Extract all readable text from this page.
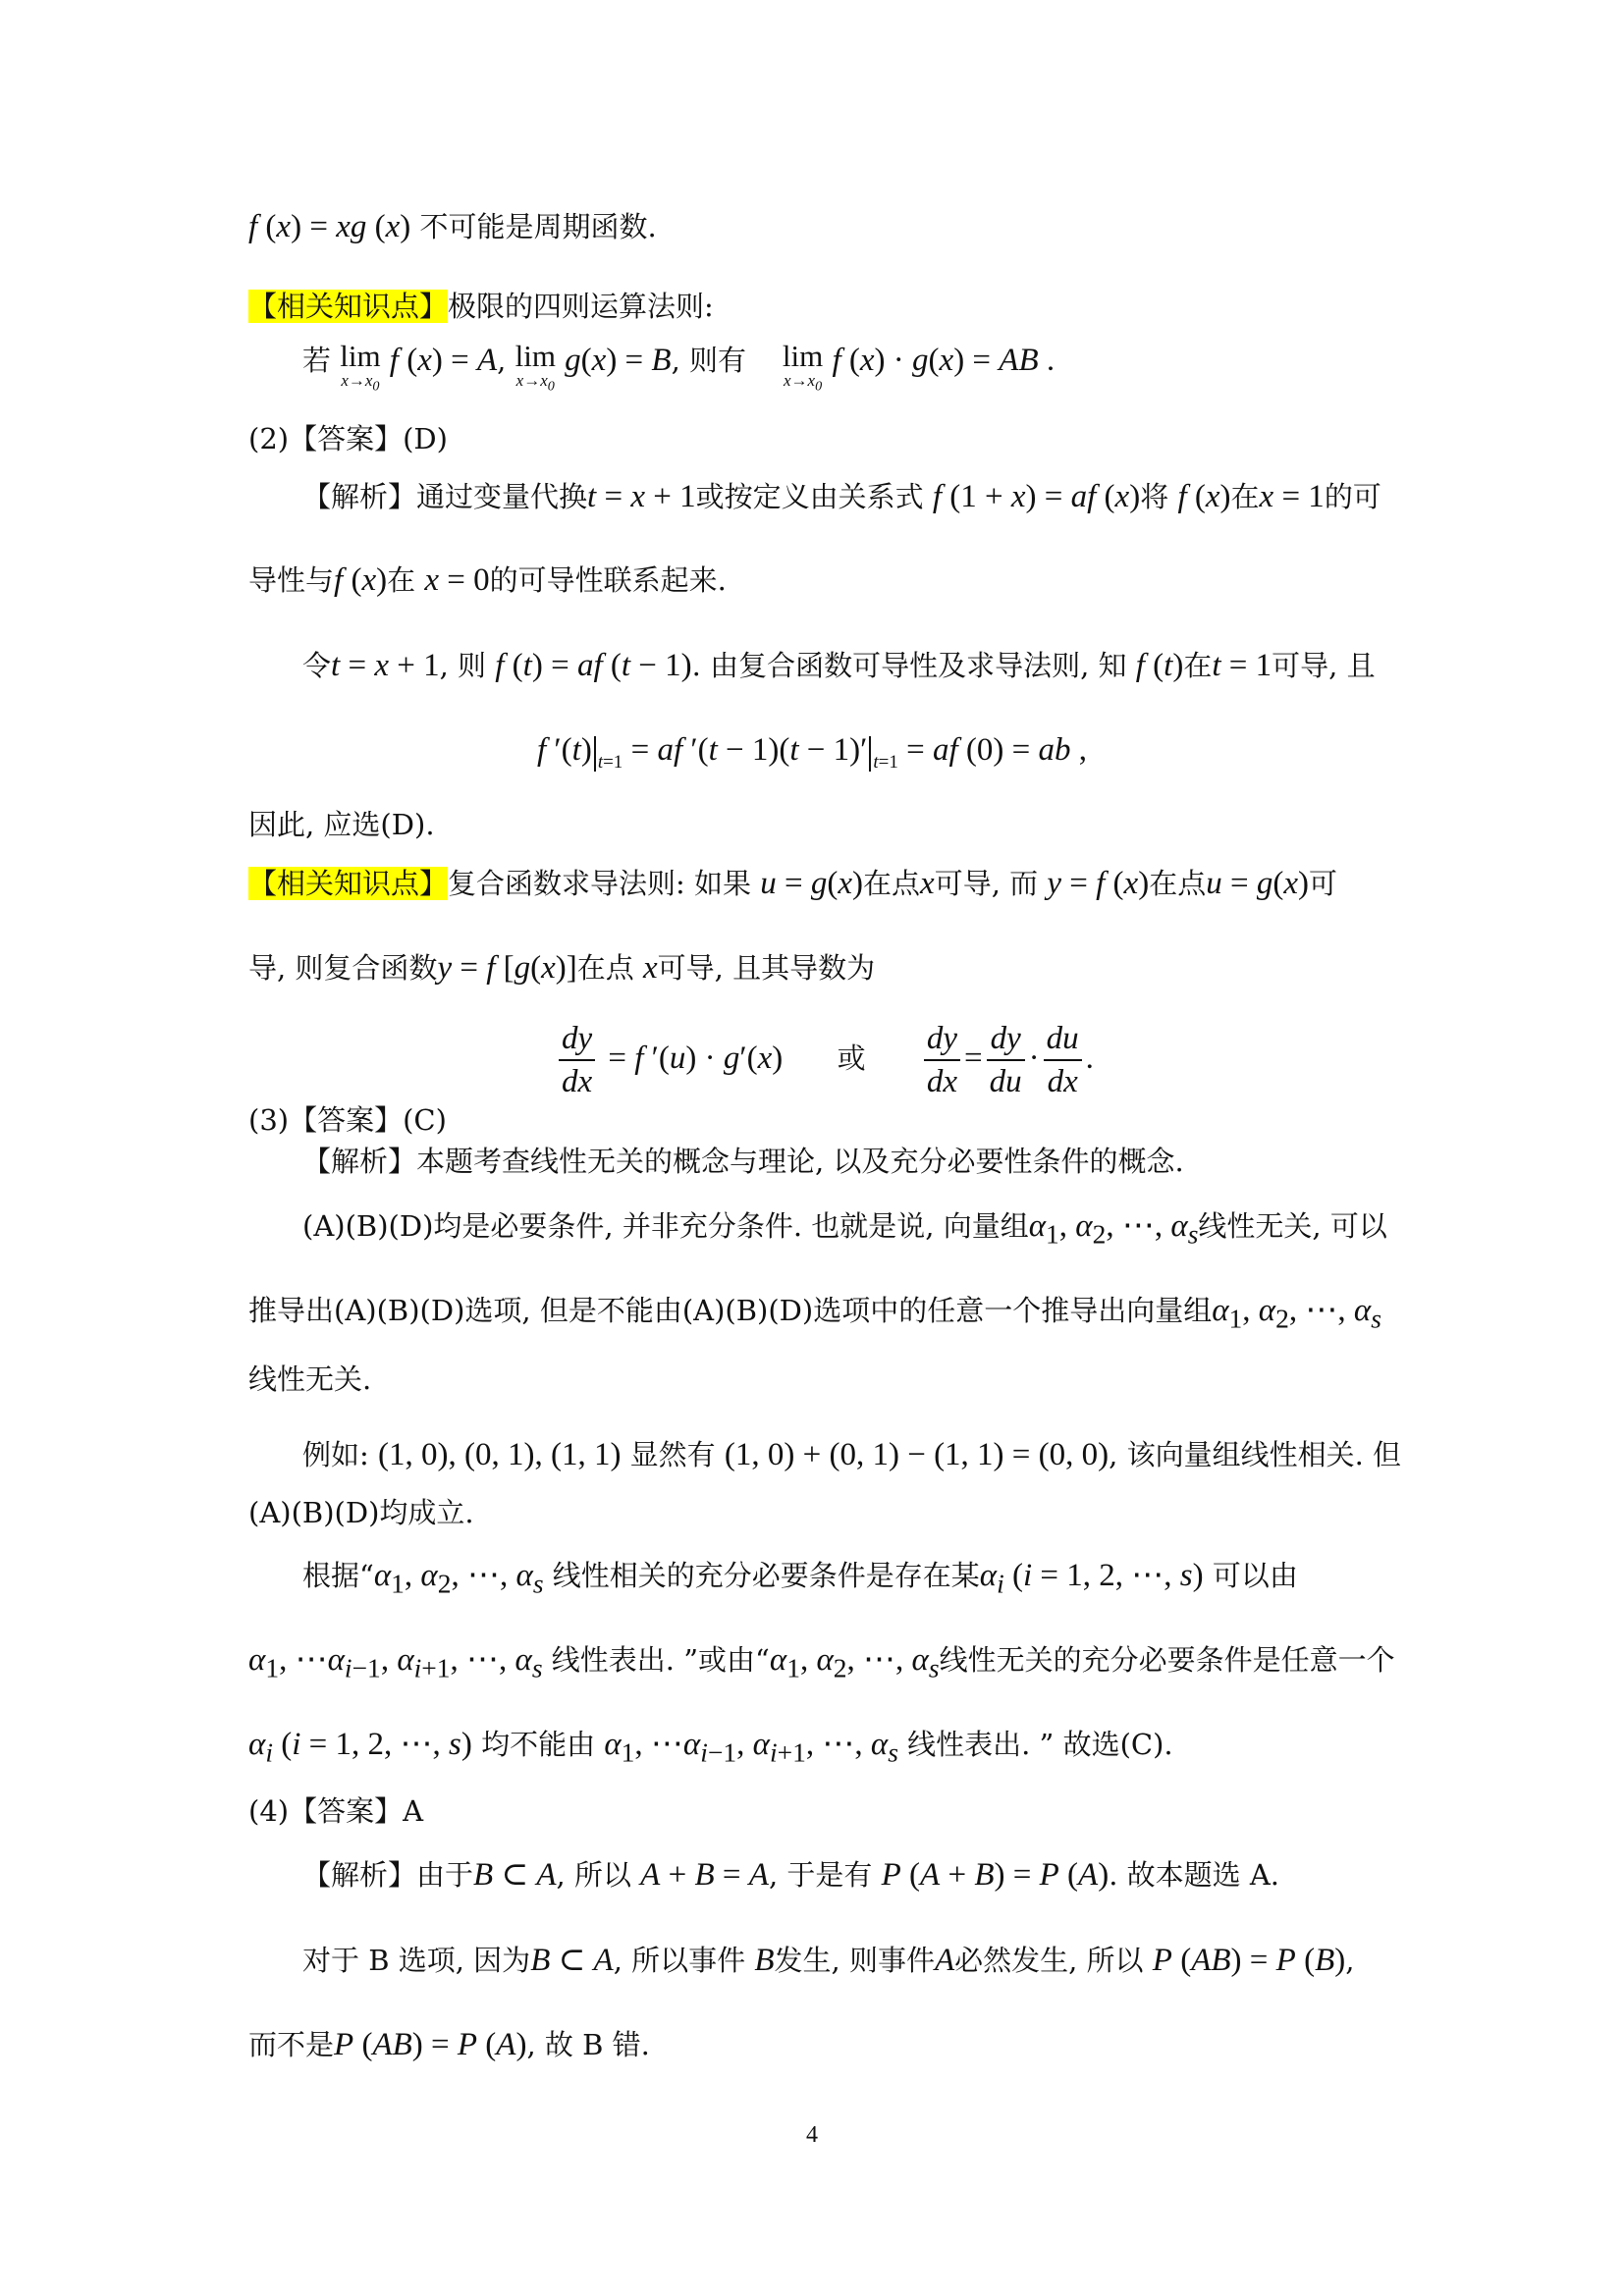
f (x) = xg (x) 不可能是周期函数.
【相关知识点】极限的四则运算法则:
若 lim
$x\to x_0$
f (x) = A, lim
$x\to x_0$
g(x) = B, 则有 lim
$x\to x_0$
f (x) · g(x) = AB .
(2)【答案】(D)
【解析】通过变量代换t = x + 1或按定义由关系式 f (1 + x) = af (x)将 f (x)在x = 1的可
导性与f (x)在 x = 0的可导性联系起来.
令t = x + 1, 则 f (t) = af (t − 1). 由复合函数可导性及求导法则, 知 f (t)在t = 1可导, 且
f ′(t) $_{t=1}$ = af ′(t − 1)(t − 1)′ $_{t=1}$ = af (0) = ab ,
因此, 应选(D).
【相关知识点】复合函数求导法则: 如果 u = g(x)在点x可导, 而 y = f (x)在点u = g(x)可
导, 则复合函数y = f [g(x)]在点 x可导, 且其导数为
$\frac{dy}{dx} = f$ ′(u) · g′(x) 或 $\frac{dy}{dx} = \frac{dy}{du} \cdot \frac{du}{dx}$ .
(3)【答案】(C)
【解析】本题考查线性无关的概念与理论, 以及充分必要性条件的概念.
(A)(B)(D)均是必要条件, 并非充分条件. 也就是说, 向量组$\alpha_1$, $\alpha_2$, ⋯, $\alpha_s$线性无关, 可以
推导出(A)(B)(D)选项, 但是不能由(A)(B)(D)选项中的任意一个推导出向量组$\alpha_1$, $\alpha_2$, ⋯, $\alpha_s$
线性无关.
例如: (1, 0), (0, 1), (1, 1) 显然有 (1, 0) + (0, 1) − (1, 1) = (0, 0), 该向量组线性相关. 但
(A)(B)(D)均成立.
根据“$\alpha_1$, $\alpha_2$, ⋯, $\alpha_s$ 线性相关的充分必要条件是存在某$\alpha_i$ (i = 1, 2, ⋯, s) 可以由
$\alpha_1$, $\cdots\alpha_{i-1}$, $\alpha_{i+1}$, ⋯, $\alpha_s$ 线性表出. ”或由“$\alpha_1$, $\alpha_2$, ⋯, $\alpha_s$线性无关的充分必要条件是任意一个
$\alpha_i$ (i = 1, 2, ⋯, s) 均不能由 $\alpha_1$, $\cdots\alpha_{i-1}$, $\alpha_{i+1}$, ⋯, $\alpha_s$ 线性表出. ” 故选(C).
(4)【答案】A
【解析】由于B ⊂ A, 所以 A + B = A, 于是有 P (A + B) = P (A). 故本题选 A.
对于 B 选项, 因为B ⊂ A, 所以事件 B发生, 则事件A必然发生, 所以 P (AB) = P (B),
而不是P (AB) = P (A), 故 B 错.
4
